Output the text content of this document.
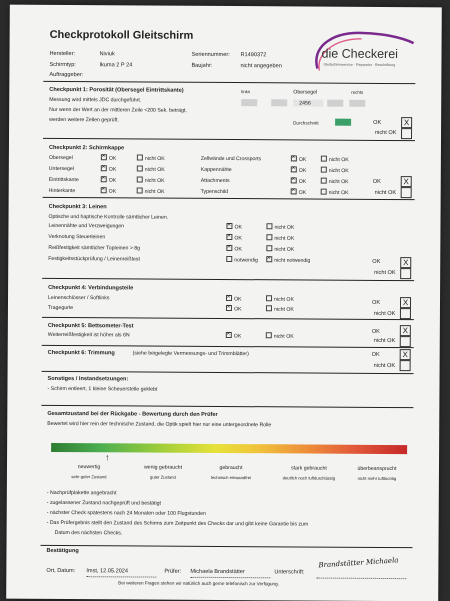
Checkprotokoll Gleitschirm
die Checkerei
Gleitschirmservice · Reparatur · Beschriftung
Hersteller:	Niviuk
Schirmtyp:	Ikuma 2 P 24
Auftraggeber:
Seriennummer: R1490372
Baujahr:	nicht angegeben
Checkpunkt 1: Porosität (Obersegel Eintrittskante)
Messung wird mittels JDC durchgeführt.
Nur wenn der Wert an der mittleren Zeile <200 Sek. beträgt,
werden weitere Zellen geprüft.
links	Obersegel	rechts
2456
Durchschnitt	OK
nicht OK
X
Checkpunkt 2: Schirmkappe
Obersegel ✕	OK	nicht OK
Untersegel ✕	OK	nicht OK
Eintrittskante ✕	OK	nicht OK
Hinterkante ✕	OK	nicht OK
Zellwände und Crossports ✕	OK	nicht OK
Kappennähte ✕	OK	nicht OK
Attachments ✕	OK	nicht OK
Typenschild ✕	OK	nicht OK
OK
nicht OK
X
Checkpunkt 3: Leinen
Optische und haptische Kontrolle sämtlicher Leinen.
Leinennähte und Verzweigungen ✕	OK	nicht OK
Verknotung Steuerleinen ✕	OK	nicht OK
Reißfestigkeit sämtlicher Topleinen > 8g ✕	OK	nicht OK
Festigkeitsstückprüfung / Leinenreißtest	notwendig ✕	nicht notwendig	OK
nicht OK
X
Checkpunkt 4: Verbindungsteile
Leinenschlösser / Softlinks ✕	OK	nicht OK
Tragegurte ✕	OK	nicht OK
OK
nicht OK
X
Checkpunkt 5: Bettsometer-Test
Weiterreißfestigkeit ist höher als 6N ✕	OK	nicht OK
OK
nicht OK
X
Checkpunkt 6: Trimmung	(siehe beigelegte Vermessungs- und Trimmblätter)	OK
nicht OK
X
Sonstiges / Instandsetzungen:
- Schirm entleert, 1 kleine Scheuerstelle geklebt
Gesamtzustand bei der Rückgabe - Bewertung durch den Prüfer
Bewertet wird hier rein der technische Zustand, die Optik spielt hier nur eine untergeordnete Rolle
↑
neuwertig
sehr guter Zustand
wenig gebraucht
guter Zustand
gebraucht
technisch einwandfrei
stark gebraucht
deutlich noch luftdurchlässig
überbeansprucht
nicht mehr lufttüchtig
- Nachprüfplakette angebracht
- zugelassener Zustand nachgeprüft und bestätigt
- nächster Check spätestens nach 24 Monaten oder 100 Flugstunden
- Das Prüfergebnis stellt den Zustand des Schirms zum Zeitpunkt des Checks dar und gibt keine Garantie bis zum
Datum des nächsten Checks.
Bestätigung
Ort, Datum: Imst, 12.05.2024	Prüfer: Michaela Brandstätter	Unterschrift:
Brandstätter Michaela
Bei weiteren Fragen stehen wir natürlich auch gerne telefonisch zur Verfügung.
